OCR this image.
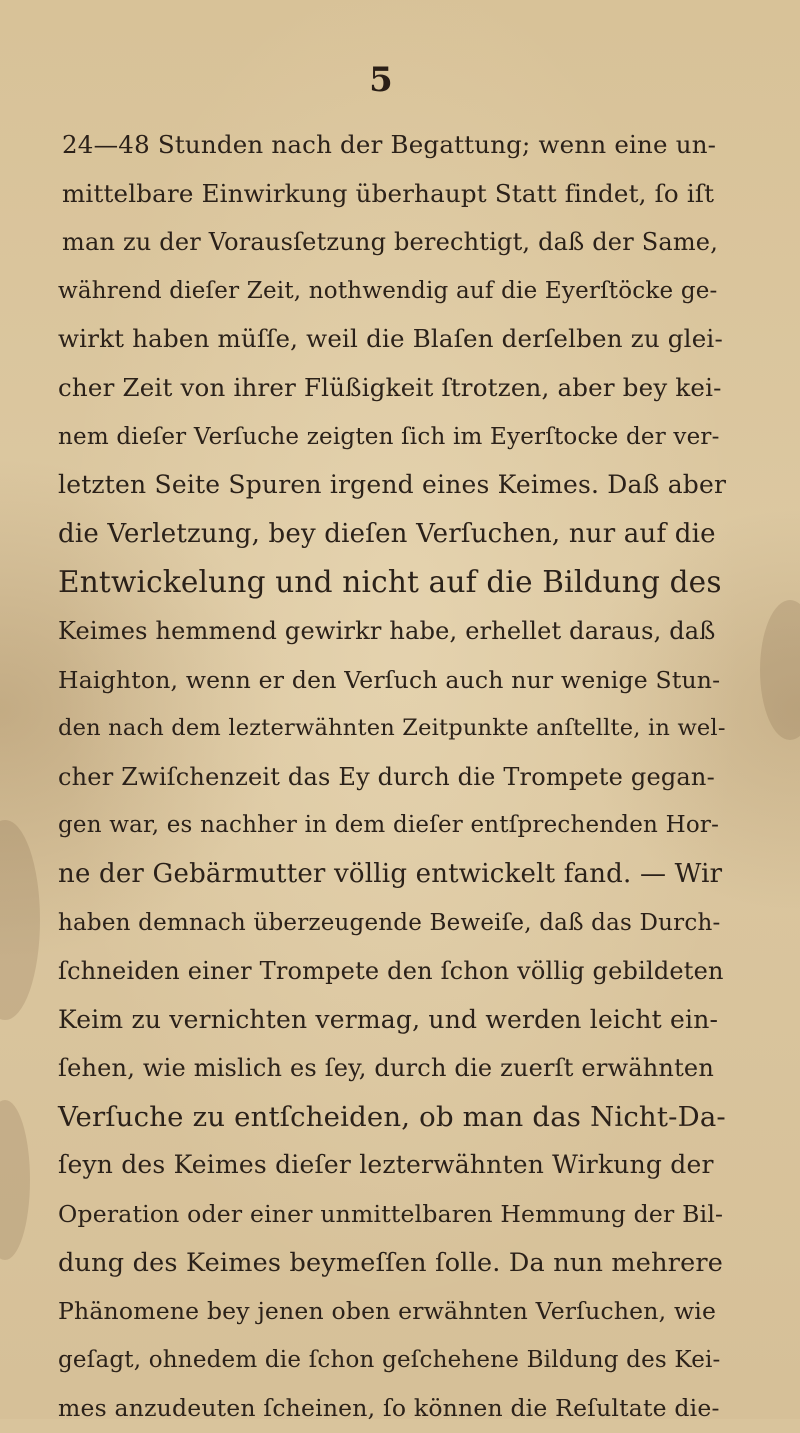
5
24—48 Stunden nach der Begattung; wenn eine un-
mittelbare Einwirkung überhaupt Statt findet, ſo iſt
man zu der Vorausſetzung berechtigt, daß der Same,
während dieſer Zeit, nothwendig auf die Eyerſtöcke ge-
wirkt haben müſſe, weil die Blaſen derſelben zu glei-
cher Zeit von ihrer Flüßigkeit ſtrotzen, aber bey kei-
nem dieſer Verſuche zeigten ſich im Eyerſtocke der ver-
letzten Seite Spuren irgend eines Keimes. Daß aber
die Verletzung, bey dieſen Verſuchen, nur auf die
Entwickelung und nicht auf die Bildung des
Keimes hemmend gewirkr habe, erhellet daraus, daß
Haighton, wenn er den Verſuch auch nur wenige Stun-
den nach dem lezterwähnten Zeitpunkte anſtellte, in wel-
cher Zwiſchenzeit das Ey durch die Trompete gegan-
gen war, es nachher in dem dieſer entſprechenden Hor-
ne der Gebärmutter völlig entwickelt fand. — Wir
haben demnach überzeugende Beweiſe, daß das Durch-
ſchneiden einer Trompete den ſchon völlig gebildeten
Keim zu vernichten vermag, und werden leicht ein-
ſehen, wie mislich es ſey, durch die zuerſt erwähnten
Verſuche zu entſcheiden, ob man das Nicht-Da-
ſeyn des Keimes dieſer lezterwähnten Wirkung der
Operation oder einer unmittelbaren Hemmung der Bil-
dung des Keimes beymeſſen ſolle. Da nun mehrere
Phänomene bey jenen oben erwähnten Verſuchen, wie
geſagt, ohnedem die ſchon geſchehene Bildung des Kei-
mes anzudeuten ſcheinen, ſo können die Reſultate die-
